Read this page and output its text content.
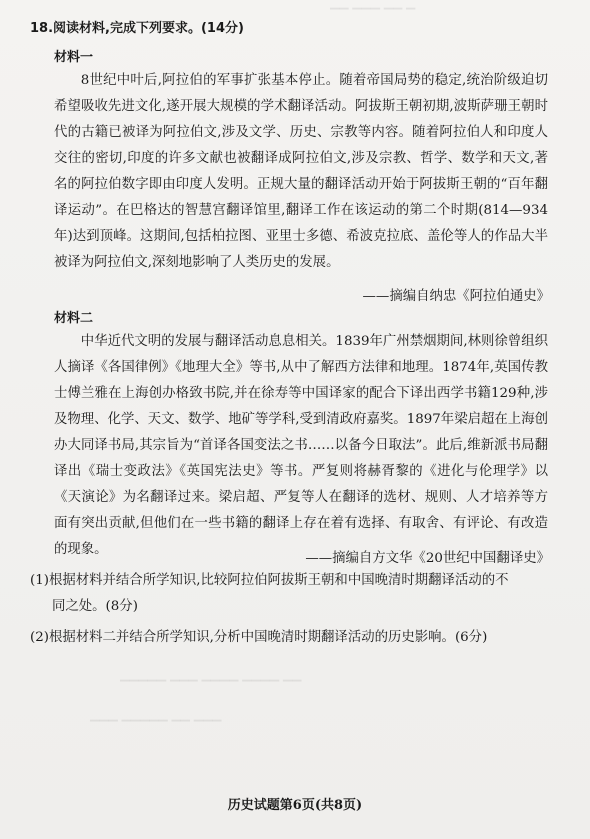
▔▔ ▔▔▔ ▔▔ ▔
▔▔▔▔▔ ▔▔▔ ▔▔▔▔ ▔▔▔▔ ▔▔
▔▔▔ ▔▔▔▔▔ ▔▔ ▔▔▔
18.阅读材料,完成下列要求。(14分)
材料一
8世纪中叶后,阿拉伯的军事扩张基本停止。随着帝国局势的稳定,统治阶级迫切希望吸收先进文化,遂开展大规模的学术翻译活动。阿拔斯王朝初期,波斯萨珊王朝时代的古籍已被译为阿拉伯文,涉及文学、历史、宗教等内容。随着阿拉伯人和印度人交往的密切,印度的许多文献也被翻译成阿拉伯文,涉及宗教、哲学、数学和天文,著名的阿拉伯数字即由印度人发明。正规大量的翻译活动开始于阿拔斯王朝的“百年翻译运动”。在巴格达的智慧宫翻译馆里,翻译工作在该运动的第二个时期(814—934年)达到顶峰。这期间,包括柏拉图、亚里士多德、希波克拉底、盖伦等人的作品大半被译为阿拉伯文,深刻地影响了人类历史的发展。
——摘编自纳忠《阿拉伯通史》
材料二
中华近代文明的发展与翻译活动息息相关。1839年广州禁烟期间,林则徐曾组织人摘译《各国律例》《地理大全》等书,从中了解西方法律和地理。1874年,英国传教士傅兰雅在上海创办格致书院,并在徐寿等中国译家的配合下译出西学书籍129种,涉及物理、化学、天文、数学、地矿等学科,受到清政府嘉奖。1897年梁启超在上海创办大同译书局,其宗旨为“首译各国变法之书……以备今日取法”。此后,维新派书局翻译出《瑞士变政法》《英国宪法史》等书。严复则将赫胥黎的《进化与伦理学》以《天演论》为名翻译过来。梁启超、严复等人在翻译的选材、规则、人才培养等方面有突出贡献,但他们在一些书籍的翻译上存在着有选择、有取舍、有评论、有改造的现象。
——摘编自方文华《20世纪中国翻译史》
(1)根据材料并结合所学知识,比较阿拉伯阿拔斯王朝和中国晚清时期翻译活动的不
同之处。(8分)
(2)根据材料二并结合所学知识,分析中国晚清时期翻译活动的历史影响。(6分)
历史试题第6页(共8页)
